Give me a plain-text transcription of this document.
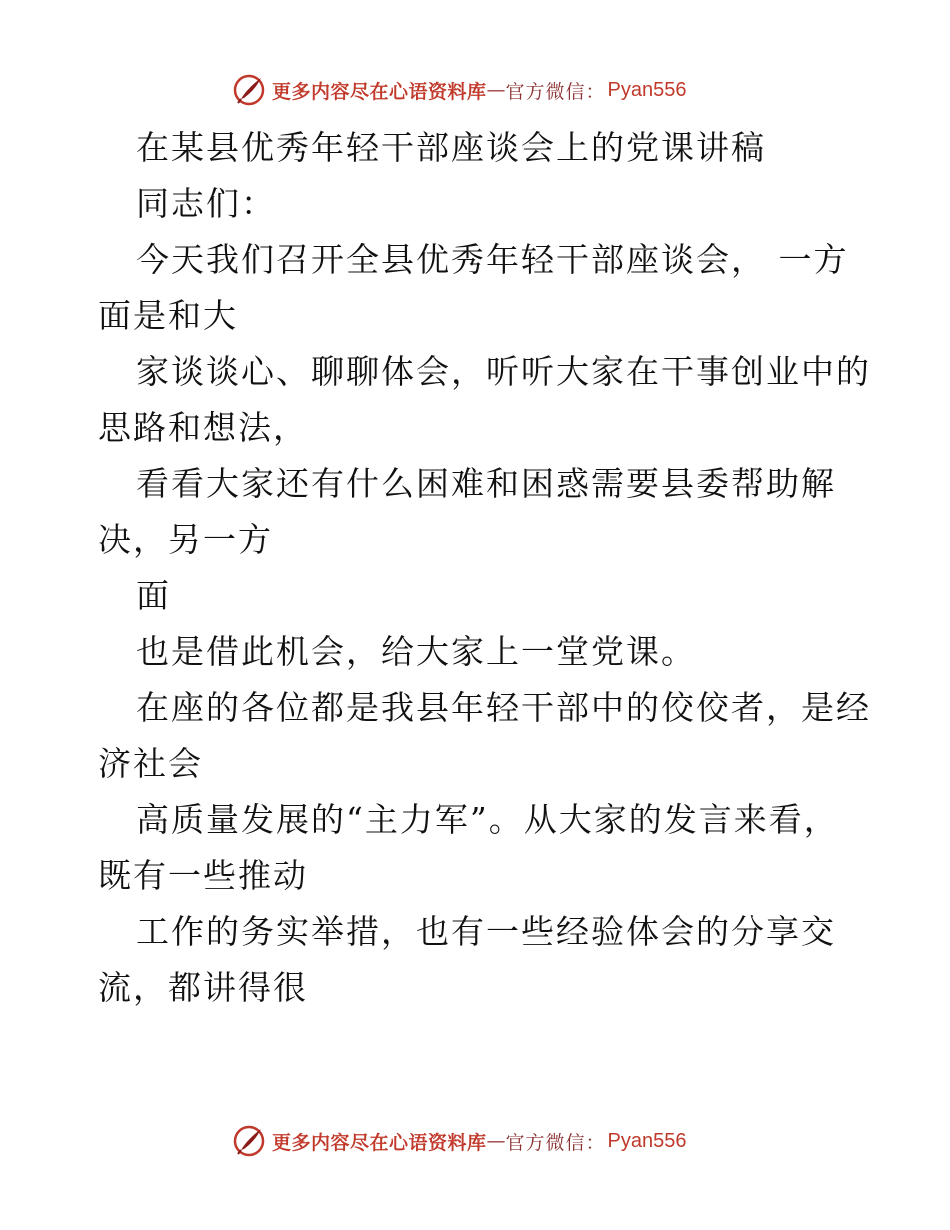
更多内容尽在心语资料库 — 官方微信： Pyan556
在某县优秀年轻干部座谈会上的党课讲稿
同志们：
今天我们召开全县优秀年轻干部座谈会， 一方
面是和大
家谈谈心、聊聊体会，听听大家在干事创业中的
思路和想法，
看看大家还有什么困难和困惑需要县委帮助解
决，另一方
面
也是借此机会，给大家上一堂党课。
在座的各位都是我县年轻干部中的佼佼者，是经
济社会
高质量发展的“主力军”。从大家的发言来看，
既有一些推动
工作的务实举措，也有一些经验体会的分享交
流，都讲得很
更多内容尽在心语资料库 — 官方微信： Pyan556
